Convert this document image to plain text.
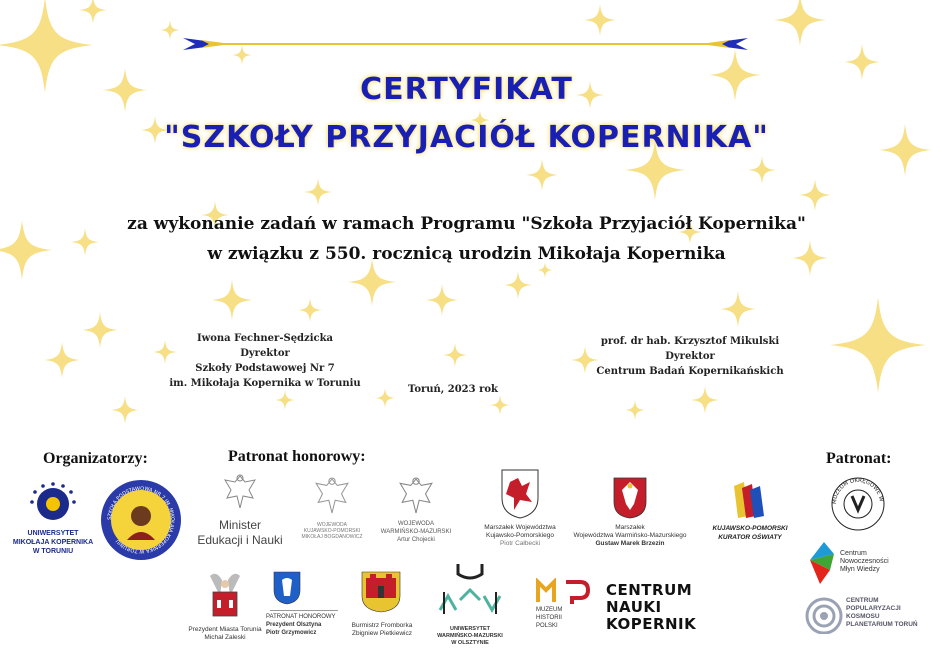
CERTYFIKAT
"SZKOŁY PRZYJACIÓŁ KOPERNIKA"
za wykonanie zadań w ramach Programu "Szkoła Przyjaciół Kopernika"
w związku z 550. rocznicą urodzin Mikołaja Kopernika
Iwona Fechner-Sędzicka
Dyrektor
Szkoły Podstawowej Nr 7
im. Mikołaja Kopernika w Toruniu
prof. dr hab. Krzysztof Mikulski
Dyrektor
Centrum Badań Kopernikańskich
Toruń, 2023 rok
Organizatorzy:	Patronat honorowy:	Patronat:
UNIWERSYTET
MIKOŁAJA KOPERNIKA
W TORUNIU
SZKOŁA PODSTAWOWA NR 7 IM. MIKOŁAJA KOPERNIKA W TORUNIU
Minister
Edukacji i Nauki
WOJEWODA
KUJAWSKO-POMORSKI
MIKOŁAJ BOGDANOWICZ
WOJEWODA
WARMIŃSKO-MAZURSKI
Artur Chojecki
Marszałek Województwa
Kujawsko-Pomorskiego
Piotr Całbecki
Marszałek
Województwa Warmińsko-Mazurskiego
Gustaw Marek Brzezin
KUJAWSKO-POMORSKI
KURATOR OŚWIATY
MUZEUM OKRĘGOWE W
Centrum
Nowoczesności
Młyn Wiedzy
CENTRUM
POPULARYZACJI
KOSMOSU
PLANETARIUM TORUŃ
Prezydent Miasta Torunia
Michał Zaleski
PATRONAT HONOROWY
Prezydent Olsztyna
Piotr Grzymowicz
Burmistrz Fromborka
Zbigniew Pietkiewicz
UNIWERSYTET
WARMIŃSKO-MAZURSKI
W OLSZTYNIE
MUZEUM
HISTORII
POLSKI
CENTRUM
NAUKI
KOPERNIK
